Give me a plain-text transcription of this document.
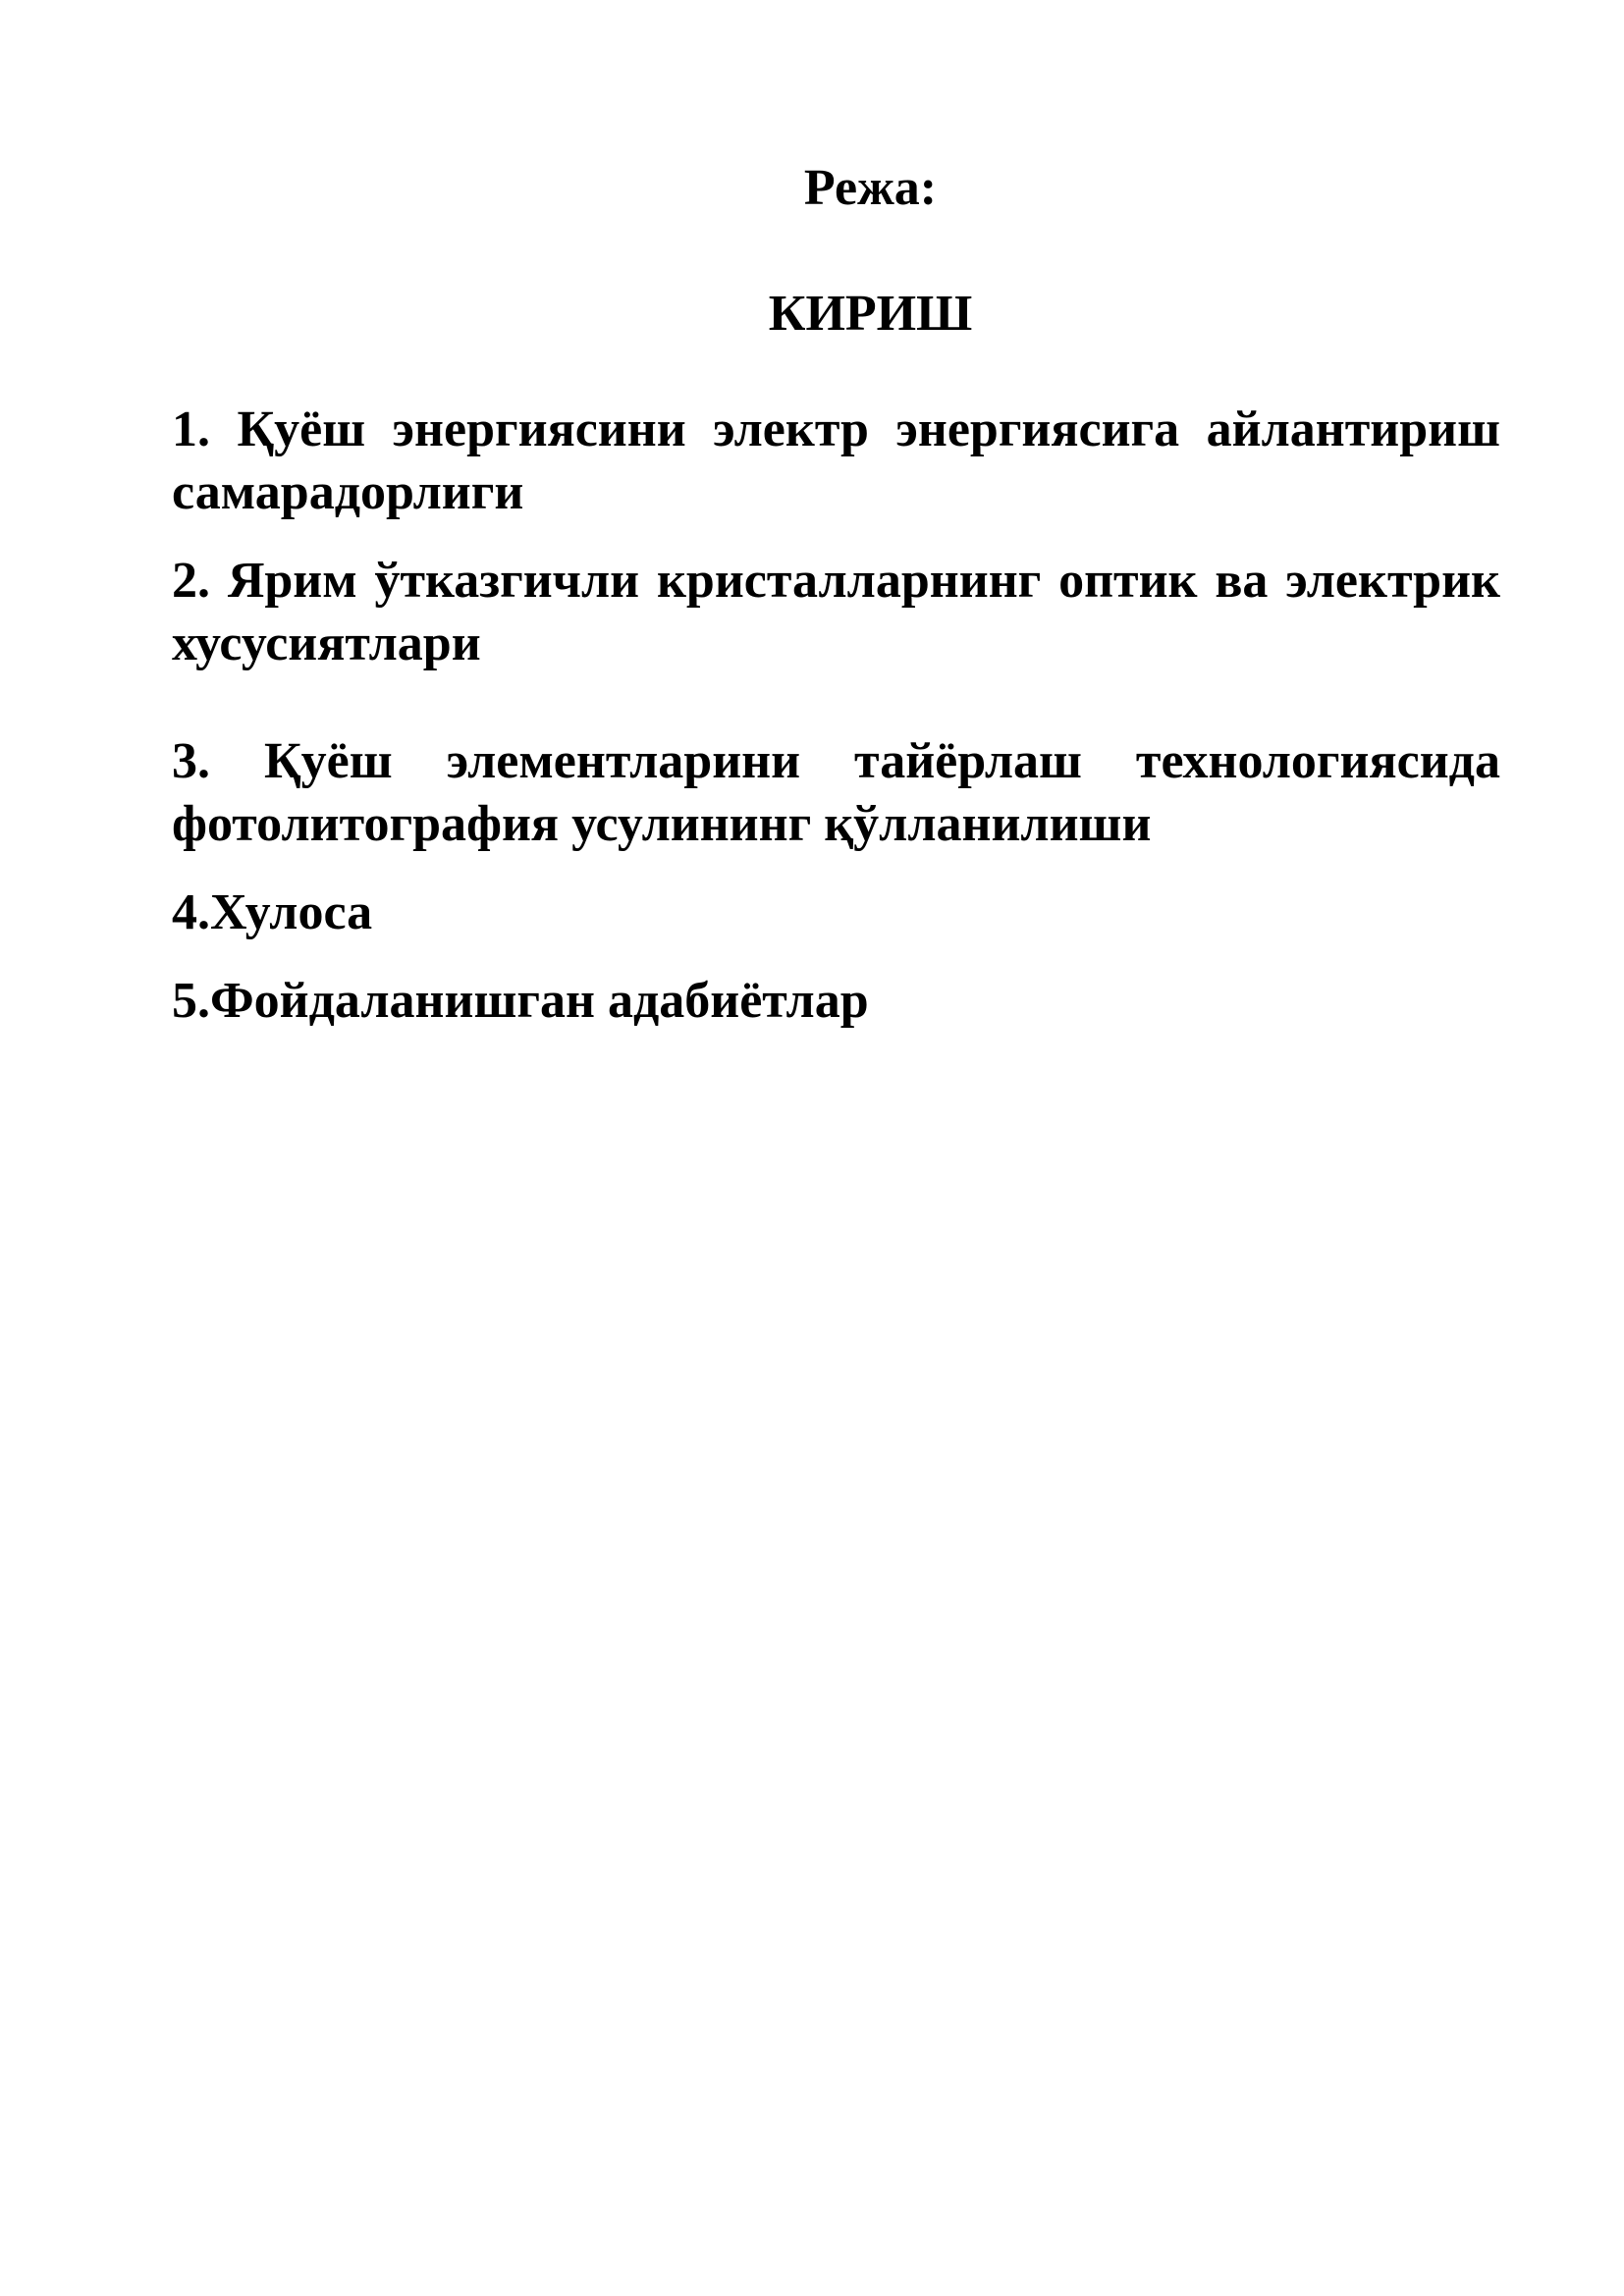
Режа:
КИРИШ

1. Қуёш энергиясини электр энергиясига айлантириш самарадорлиги

2. Ярим ўтказгичли кристалларнинг оптик ва электрик хусусиятлари

3. Қуёш элементларини тайёрлаш технологиясида фотолитография усулининг қўлланилиши

4.Хулоса

5.Фойдаланишган адабиётлар
